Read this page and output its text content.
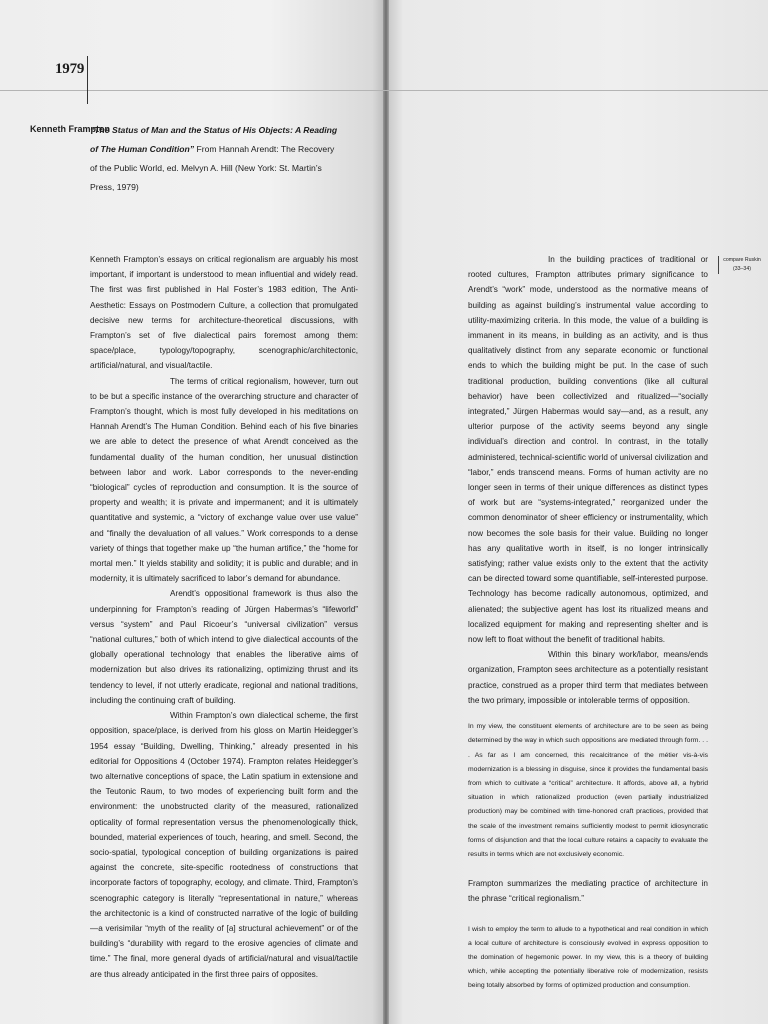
1979
Kenneth Frampton
“The Status of Man and the Status of His Objects: A Reading of The Human Condition” From Hannah Arendt: The Recovery of the Public World, ed. Melvyn A. Hill (New York: St. Martin’s Press, 1979)

Kenneth Frampton’s essays on critical regionalism are arguably his most important, if important is understood to mean influential and widely read. The first was first published in Hal Foster’s 1983 edition, The Anti-Aesthetic: Essays on Postmodern Culture, a collection that promulgated decisive new terms for architecture-theoretical discussions, with Frampton’s set of five dialectical pairs foremost among them: space/place, typology/topography, scenographic/architectonic, artificial/natural, and visual/tactile.

The terms of critical regionalism, however, turn out to be but a specific instance of the overarching structure and character of Frampton’s thought, which is most fully developed in his meditations on Hannah Arendt’s The Human Condition. Behind each of his five binaries we are able to detect the presence of what Arendt conceived as the fundamental duality of the human condition, her unusual distinction between labor and work. Labor corresponds to the never-ending “biological” cycles of reproduction and consumption. It is the source of property and wealth; it is private and impermanent; and it is ultimately quantitative and systemic, a “victory of exchange value over use value” and “finally the devaluation of all values.” Work corresponds to a dense variety of things that together make up “the human artifice,” the “home for mortal men.” It yields stability and solidity; it is public and durable; and in modernity, it is ultimately sacrificed to labor’s demand for abundance.

Arendt’s oppositional framework is thus also the underpinning for Frampton’s reading of Jürgen Habermas’s “lifeworld” versus “system” and Paul Ricoeur’s “universal civilization” versus “national cultures,” both of which intend to give dialectical accounts of the globally operational technology that enables the liberative aims of modernization but also drives its rationalizing, optimizing thrust and its tendency to level, if not utterly eradicate, regional and national traditions, including the continuing craft of building.

Within Frampton’s own dialectical scheme, the first opposition, space/place, is derived from his gloss on Martin Heidegger’s 1954 essay “Building, Dwelling, Thinking,” already presented in his editorial for Oppositions 4 (October 1974). Frampton relates Heidegger’s two alternative conceptions of space, the Latin spatium in extensione and the Teutonic Raum, to two modes of experiencing built form and the environment: the unobstructed clarity of the measured, rationalized opticality of formal representation versus the phenomenologically thick, bounded, material experiences of touch, hearing, and smell. Second, the socio-spatial, typological conception of building organizations is paired against the concrete, site-specific rootedness of constructions that incorporate factors of topography, ecology, and climate. Third, Frampton’s scenographic category is literally “representational in nature,” whereas the architectonic is a kind of constructed narrative of the logic of building—a verisimilar “myth of the reality of [a] structural achievement” or of the building’s “durability with regard to the erosive agencies of climate and time.” The final, more general dyads of artificial/natural and visual/tactile are thus already anticipated in the first three pairs of opposites.

In the building practices of traditional or rooted cultures, Frampton attributes primary significance to Arendt’s “work” mode, understood as the normative means of building as against building’s instrumental value according to utility-maximizing criteria. In this mode, the value of a building is immanent in its means, in building as an activity, and is thus qualitatively distinct from any separate economic or functional ends to which the building might be put. In the case of such traditional production, building conventions (like all cultural behavior) have been collectivized and ritualized—“socially integrated,” Jürgen Habermas would say—and, as a result, any ulterior purpose of the activity seems beyond any single individual’s direction and control. In contrast, in the totally administered, technical-scientific world of universal civilization and “labor,” ends transcend means. Forms of human activity are no longer seen in terms of their unique differences as distinct types of work but are “systems-integrated,” reorganized under the common denominator of sheer efficiency or instrumentality, which now becomes the sole basis for their value. Building no longer has any qualitative worth in itself, is no longer intrinsically satisfying; rather value exists only to the extent that the activity can be directed toward some quantifiable, self-interested purpose. Technology has become radically autonomous, optimized, and alienated; the subjective agent has lost its ritualized means and localized equipment for making and representing shelter and is now left to float without the benefit of traditional habits.

Within this binary work/labor, means/ends organization, Frampton sees architecture as a potentially resistant practice, construed as a proper third term that mediates between the two primary, impossible or intolerable terms of opposition.

In my view, the constituent elements of architecture are to be seen as being determined by the way in which such oppositions are mediated through form. . . . As far as I am concerned, this recalcitrance of the métier vis-à-vis modernization is a blessing in disguise, since it provides the fundamental basis from which to cultivate a “critical” architecture. It affords, above all, a hybrid situation in which rationalized production (even partially industrialized production) may be combined with time-honored craft practices, provided that the scale of the investment remains sufficiently modest to permit idiosyncratic forms of disjunction and that the local culture retains a capacity to evaluate the results in terms which are not exclusively economic.

Frampton summarizes the mediating practice of architecture in the phrase “critical regionalism.”

I wish to employ the term to allude to a hypothetical and real condition in which a local culture of architecture is consciously evolved in express opposition to the domination of hegemonic power. In my view, this is a theory of building which, while accepting the potentially liberative role of modernization, resists being totally absorbed by forms of optimized production and consumption.

compare Ruskin
(33–34)
